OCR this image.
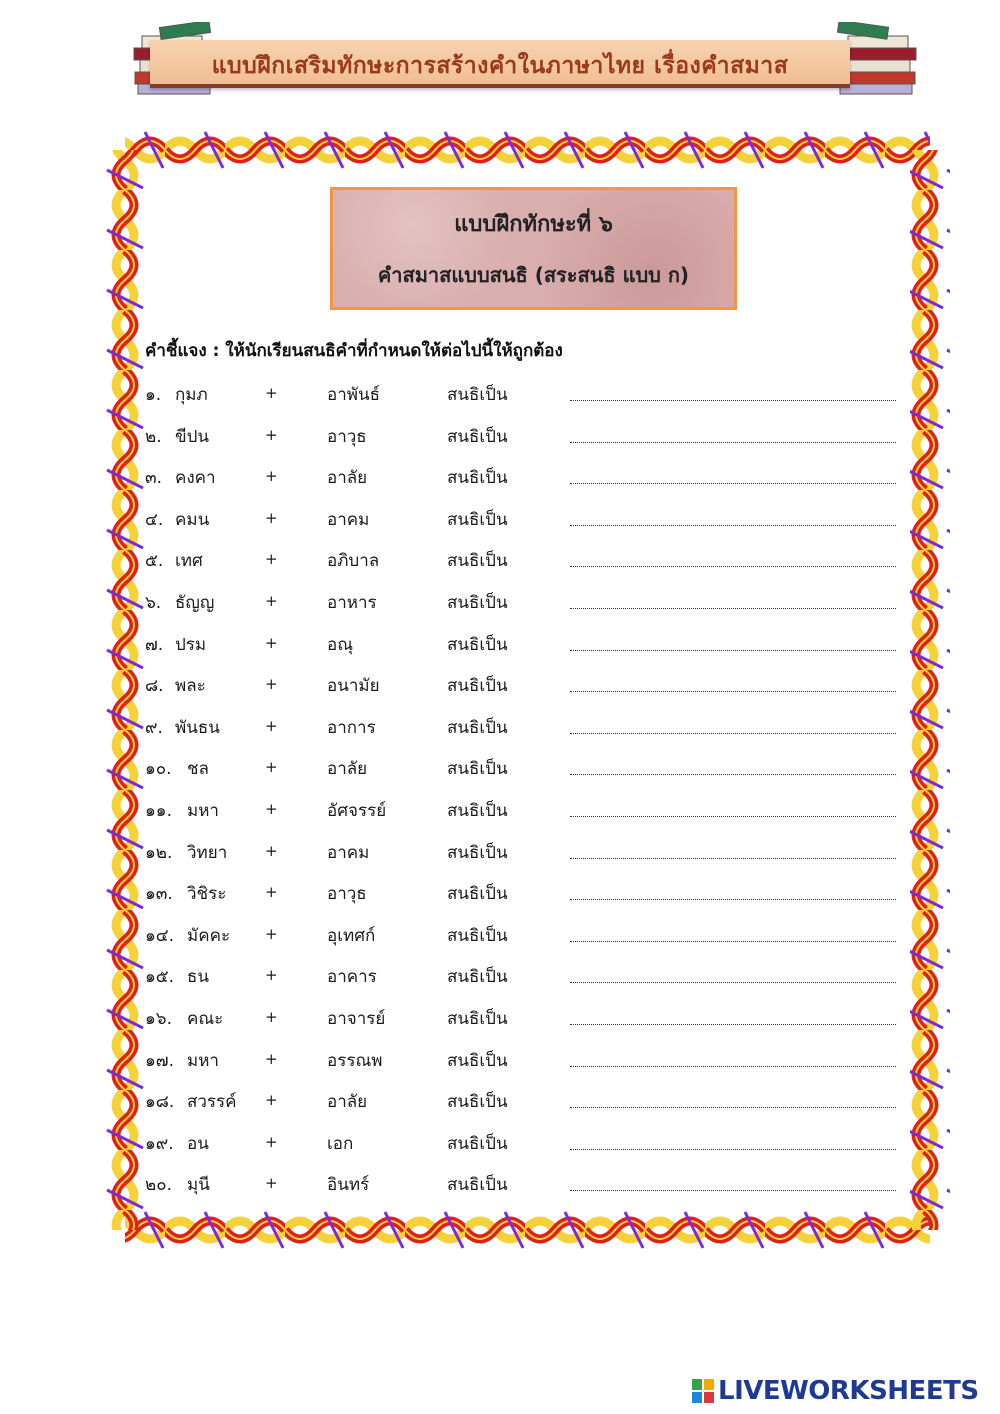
แบบฝึกเสริมทักษะการสร้างคำในภาษาไทย เรื่องคำสมาส
แบบฝึกทักษะที่ ๖
คำสมาสแบบสนธิ (สระสนธิ แบบ ก)
คำชี้แจง : ให้นักเรียนสนธิคำที่กำหนดให้ต่อไปนี้ให้ถูกต้อง
๑. กุมภ	+	อาพันธ์	สนธิเป็น
๒. ขีปน	+	อาวุธ	สนธิเป็น
๓. คงคา	+	อาลัย	สนธิเป็น
๔. คมน	+	อาคม	สนธิเป็น
๕. เทศ	+	อภิบาล	สนธิเป็น
๖. ธัญญ	+	อาหาร	สนธิเป็น
๗. ปรม	+	อณุ	สนธิเป็น
๘. พละ	+	อนามัย	สนธิเป็น
๙. พันธน	+	อาการ	สนธิเป็น
๑๐. ชล	+	อาลัย	สนธิเป็น
๑๑. มหา	+	อัศจรรย์	สนธิเป็น
๑๒. วิทยา	+	อาคม	สนธิเป็น
๑๓. วิชิระ	+	อาวุธ	สนธิเป็น
๑๔. มัคคะ +	อุเทศก์	สนธิเป็น
๑๕. ธน	+	อาคาร	สนธิเป็น
๑๖. คณะ	+	อาจารย์	สนธิเป็น
๑๗. มหา	+	อรรณพ	สนธิเป็น
๑๘. สวรรค์ +	อาลัย	สนธิเป็น
๑๙. อน	+	เอก	สนธิเป็น
๒๐. มุนี	+	อินทร์	สนธิเป็น
LIVEWORKSHEETS
